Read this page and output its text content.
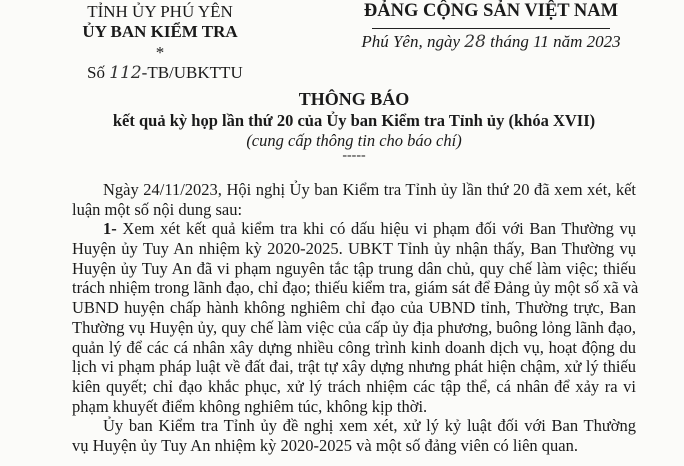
TỈNH ỦY PHÚ YÊN
ỦY BAN KIỂM TRA
*
Số 112-TB/UBKTTU
ĐẢNG CỘNG SẢN VIỆT NAM
Phú Yên, ngày 28 tháng 11 năm 2023
THÔNG BÁO
kết quả kỳ họp lần thứ 20 của Ủy ban Kiểm tra Tỉnh ủy (khóa XVII)
(cung cấp thông tin cho báo chí)
-----
Ngày 24/11/2023, Hội nghị Ủy ban Kiểm tra Tỉnh ủy lần thứ 20 đã xem xét, kết
luận một số nội dung sau:
1- Xem xét kết quả kiểm tra khi có dấu hiệu vi phạm đối với Ban Thường vụ
Huyện ủy Tuy An nhiệm kỳ 2020-2025. UBKT Tỉnh ủy nhận thấy, Ban Thường vụ
Huyện ủy Tuy An đã vi phạm nguyên tắc tập trung dân chủ, quy chế làm việc; thiếu
trách nhiệm trong lãnh đạo, chỉ đạo; thiếu kiểm tra, giám sát để Đảng ủy một số xã và
UBND huyện chấp hành không nghiêm chỉ đạo của UBND tỉnh, Thường trực, Ban
Thường vụ Huyện ủy, quy chế làm việc của cấp ủy địa phương, buông lỏng lãnh đạo,
quản lý để các cá nhân xây dựng nhiều công trình kinh doanh dịch vụ, hoạt động du
lịch vi phạm pháp luật về đất đai, trật tự xây dựng nhưng phát hiện chậm, xử lý thiếu
kiên quyết; chỉ đạo khắc phục, xử lý trách nhiệm các tập thể, cá nhân để xảy ra vi
phạm khuyết điểm không nghiêm túc, không kịp thời.
Ủy ban Kiểm tra Tỉnh ủy đề nghị xem xét, xử lý kỷ luật đối với Ban Thường
vụ Huyện ủy Tuy An nhiệm kỳ 2020-2025 và một số đảng viên có liên quan.
